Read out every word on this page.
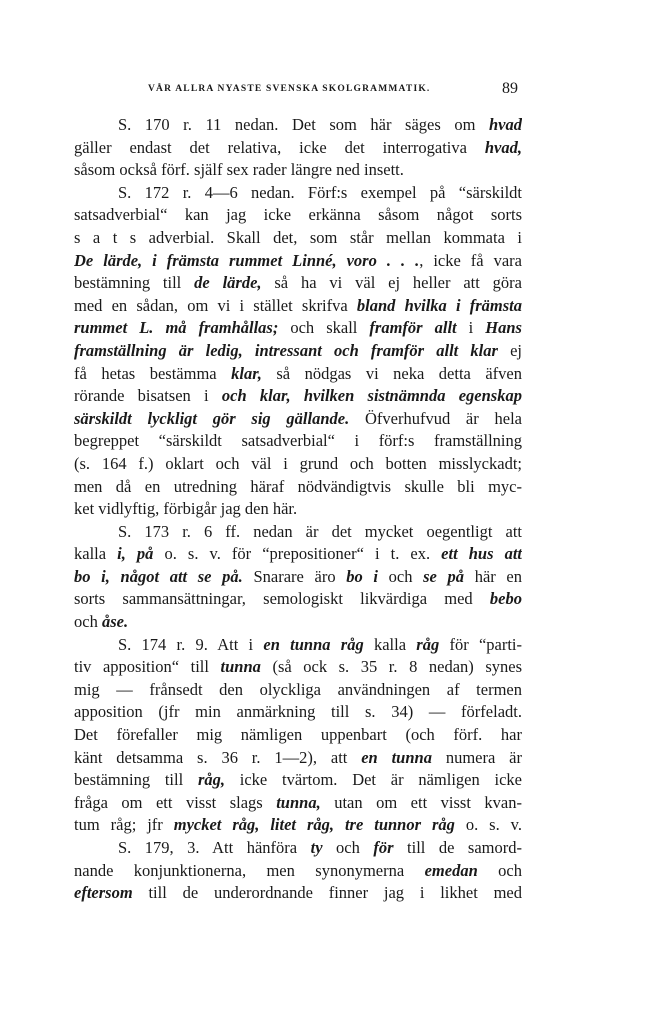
VÅR ALLRA NYASTE SVENSKA SKOLGRAMMATIK.	89
S. 170 r. 11 nedan. Det som här säges om hvad
gäller endast det relativa, icke det interrogativa hvad,
såsom också förf. själf sex rader längre ned insett.
S. 172 r. 4—6 nedan. Förf:s exempel på “särskildt
satsadverbial“ kan jag icke erkänna såsom något sorts
s a t s adverbial. Skall det, som står mellan kommata i
De lärde, i främsta rummet Linné, voro . . ., icke få vara
bestämning till de lärde, så ha vi väl ej heller att göra
med en sådan, om vi i stället skrifva bland hvilka i främsta
rummet L. må framhållas; och skall framför allt i Hans
framställning är ledig, intressant och framför allt klar ej
få hetas bestämma klar, så nödgas vi neka detta äfven
rörande bisatsen i och klar, hvilken sistnämnda egenskap
särskildt lyckligt gör sig gällande. Öfverhufvud är hela
begreppet “särskildt satsadverbial“ i förf:s framställning
(s. 164 f.) oklart och väl i grund och botten misslyckadt;
men då en utredning häraf nödvändigtvis skulle bli myc-
ket vidlyftig, förbigår jag den här.
S. 173 r. 6 ff. nedan är det mycket oegentligt att
kalla i, på o. s. v. för “prepositioner“ i t. ex. ett hus att
bo i, något att se på. Snarare äro bo i och se på här en
sorts sammansättningar, semologiskt likvärdiga med bebo
och åse.
S. 174 r. 9. Att i en tunna råg kalla råg för “parti-
tiv apposition“ till tunna (så ock s. 35 r. 8 nedan) synes
mig — frånsedt den olyckliga användningen af termen
apposition (jfr min anmärkning till s. 34) — förfeladt.
Det förefaller mig nämligen uppenbart (och förf. har
känt detsamma s. 36 r. 1—2), att en tunna numera är
bestämning till råg, icke tvärtom. Det är nämligen icke
fråga om ett visst slags tunna, utan om ett visst kvan-
tum råg; jfr mycket råg, litet råg, tre tunnor råg o. s. v.
S. 179, 3. Att hänföra ty och för till de samord-
nande konjunktionerna, men synonymerna emedan och
eftersom till de underordnande finner jag i likhet med
